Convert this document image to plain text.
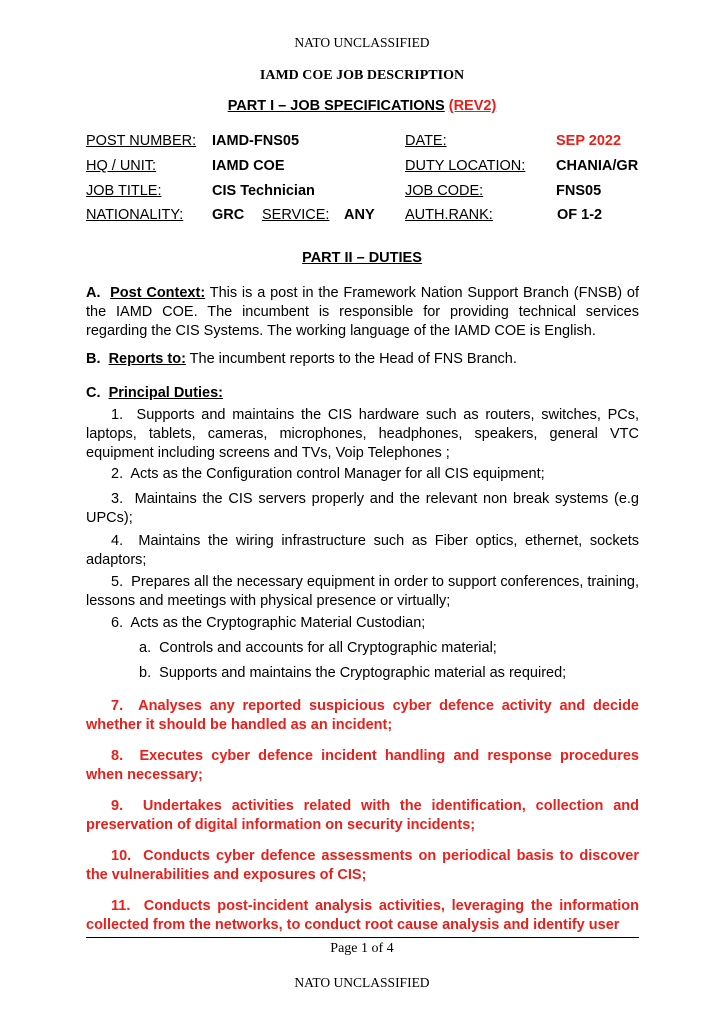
NATO UNCLASSIFIED
IAMD COE JOB DESCRIPTION
PART I – JOB SPECIFICATIONS (REV2)
POST NUMBER: IAMD-FNS05	DATE:	SEP 2022
HQ / UNIT:	IAMD COE	DUTY LOCATION: CHANIA/GR
JOB TITLE:	CIS Technician	JOB CODE:	FNS05
NATIONALITY: GRC SERVICE: ANY AUTH.RANK:	OF 1-2
PART II – DUTIES

A. Post Context: This is a post in the Framework Nation Support Branch (FNSB) of the IAMD COE. The incumbent is responsible for providing technical services regarding the CIS Systems. The working language of the IAMD COE is English.

B. Reports to: The incumbent reports to the Head of FNS Branch.

C. Principal Duties:

1. Supports and maintains the CIS hardware such as routers, switches, PCs, laptops, tablets, cameras, microphones, headphones, speakers, general VTC equipment including screens and TVs, Voip Telephones ;

2. Acts as the Configuration control Manager for all CIS equipment;

3. Maintains the CIS servers properly and the relevant non break systems (e.g UPCs);

4. Maintains the wiring infrastructure such as Fiber optics, ethernet, sockets adaptors;

5. Prepares all the necessary equipment in order to support conferences, training, lessons and meetings with physical presence or virtually;

6. Acts as the Cryptographic Material Custodian;

a. Controls and accounts for all Cryptographic material;

b. Supports and maintains the Cryptographic material as required;

7. Analyses any reported suspicious cyber defence activity and decide whether it should be handled as an incident;

8. Executes cyber defence incident handling and response procedures when necessary;

9. Undertakes activities related with the identification, collection and preservation of digital information on security incidents;

10. Conducts cyber defence assessments on periodical basis to discover the vulnerabilities and exposures of CIS;

11. Conducts post-incident analysis activities, leveraging the information collected from the networks, to conduct root cause analysis and identify user

Page 1 of 4
NATO UNCLASSIFIED
